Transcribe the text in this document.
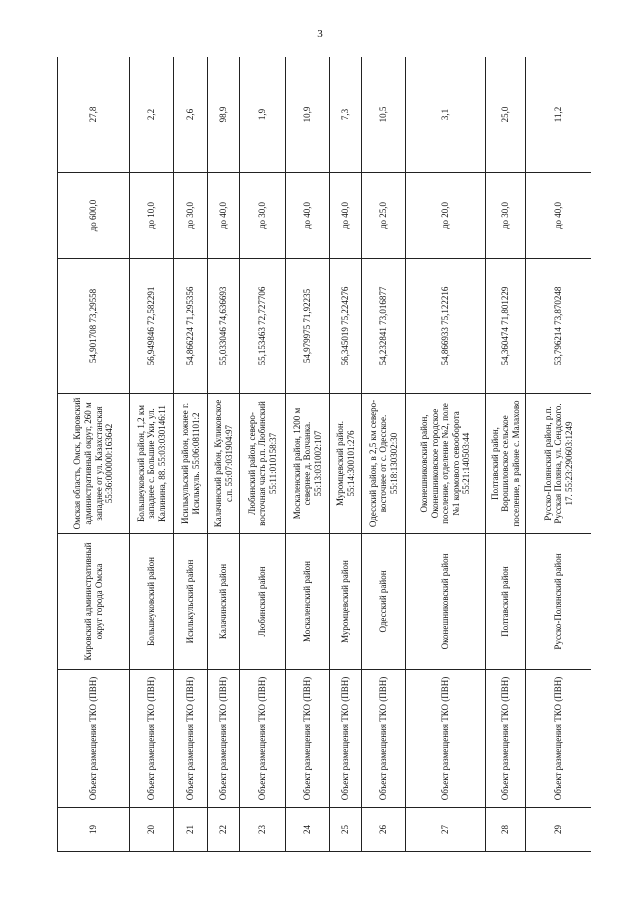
3
19	Объект размещения ТКО (ПВН)	Кировский административный округ города Омска	Омская область, Омск, Кировский административный округ, 260 м западнее от ул. Казахстанская 55:36:000000:163642	54,901708 73,29558	до 600,0	27,8
20	Объект размещения ТКО (ПВН)	Большеуковский район	Большеуковский район, 1,2 км западнее с. Большие Уки, ул. Калинина, 88. 55:03:030146:11	56,949846 72,582291	до 10,0	2,2
21	Объект размещения ТКО (ПВН)	Исилькульский район	Исилькульский район, южнее г. Исилькуль. 55:06:081101:2	54,866224 71,295356	до 30,0	2,6
22	Объект размещения ТКО (ПВН)	Калачинский район	Калачинский район, Куликовское с.п. 55:07:031904:97	55,033046 74,636693	до 40,0	98,9
23	Объект размещения ТКО (ПВН)	Любинский район	Любинский район, северо-восточная часть р.п. Любинский 55:11:010158:37	55,153463 72,727706	до 30,0	1,9
24	Объект размещения ТКО (ПВН)	Москаленский район	Москаленский район, 1200 м севернее д. Волчанка. 55:13:031002:107	54,979975 71,92235	до 40,0	10,9
25	Объект размещения ТКО (ПВН)	Муромцевский район	Муромцевский район. 55:14:300101:276	56,345019 75,224276	до 40,0	7,3
26	Объект размещения ТКО (ПВН)	Одесский район	Одесский район, в 2,5 км северо-восточнее от с. Одесское. 55:18:130302:30	54,232841 73,016877	до 25,0	10,5
27	Объект размещения ТКО (ПВН)	Оконешниковский район	Оконешниковский район, Оконешниковское городское поселение, отделение №2, поле №1 кормового севооборота 55:21:140503:44	54,866933 75,122216	до 20,0	3,1
28	Объект размещения ТКО (ПВН)	Полтавский район	Полтавский район, Ворошиловское сельское поселение, в районе с. Малахово	54,360474 71,801229	до 30,0	25,0
29	Объект размещения ТКО (ПВН)	Русско-Полянский район	Русско-Полянский район, р.п. Русская Поляна, ул. Сендского. 17. 55:23:290603:1249	53,796214 73,870248	до 40,0	11,2
